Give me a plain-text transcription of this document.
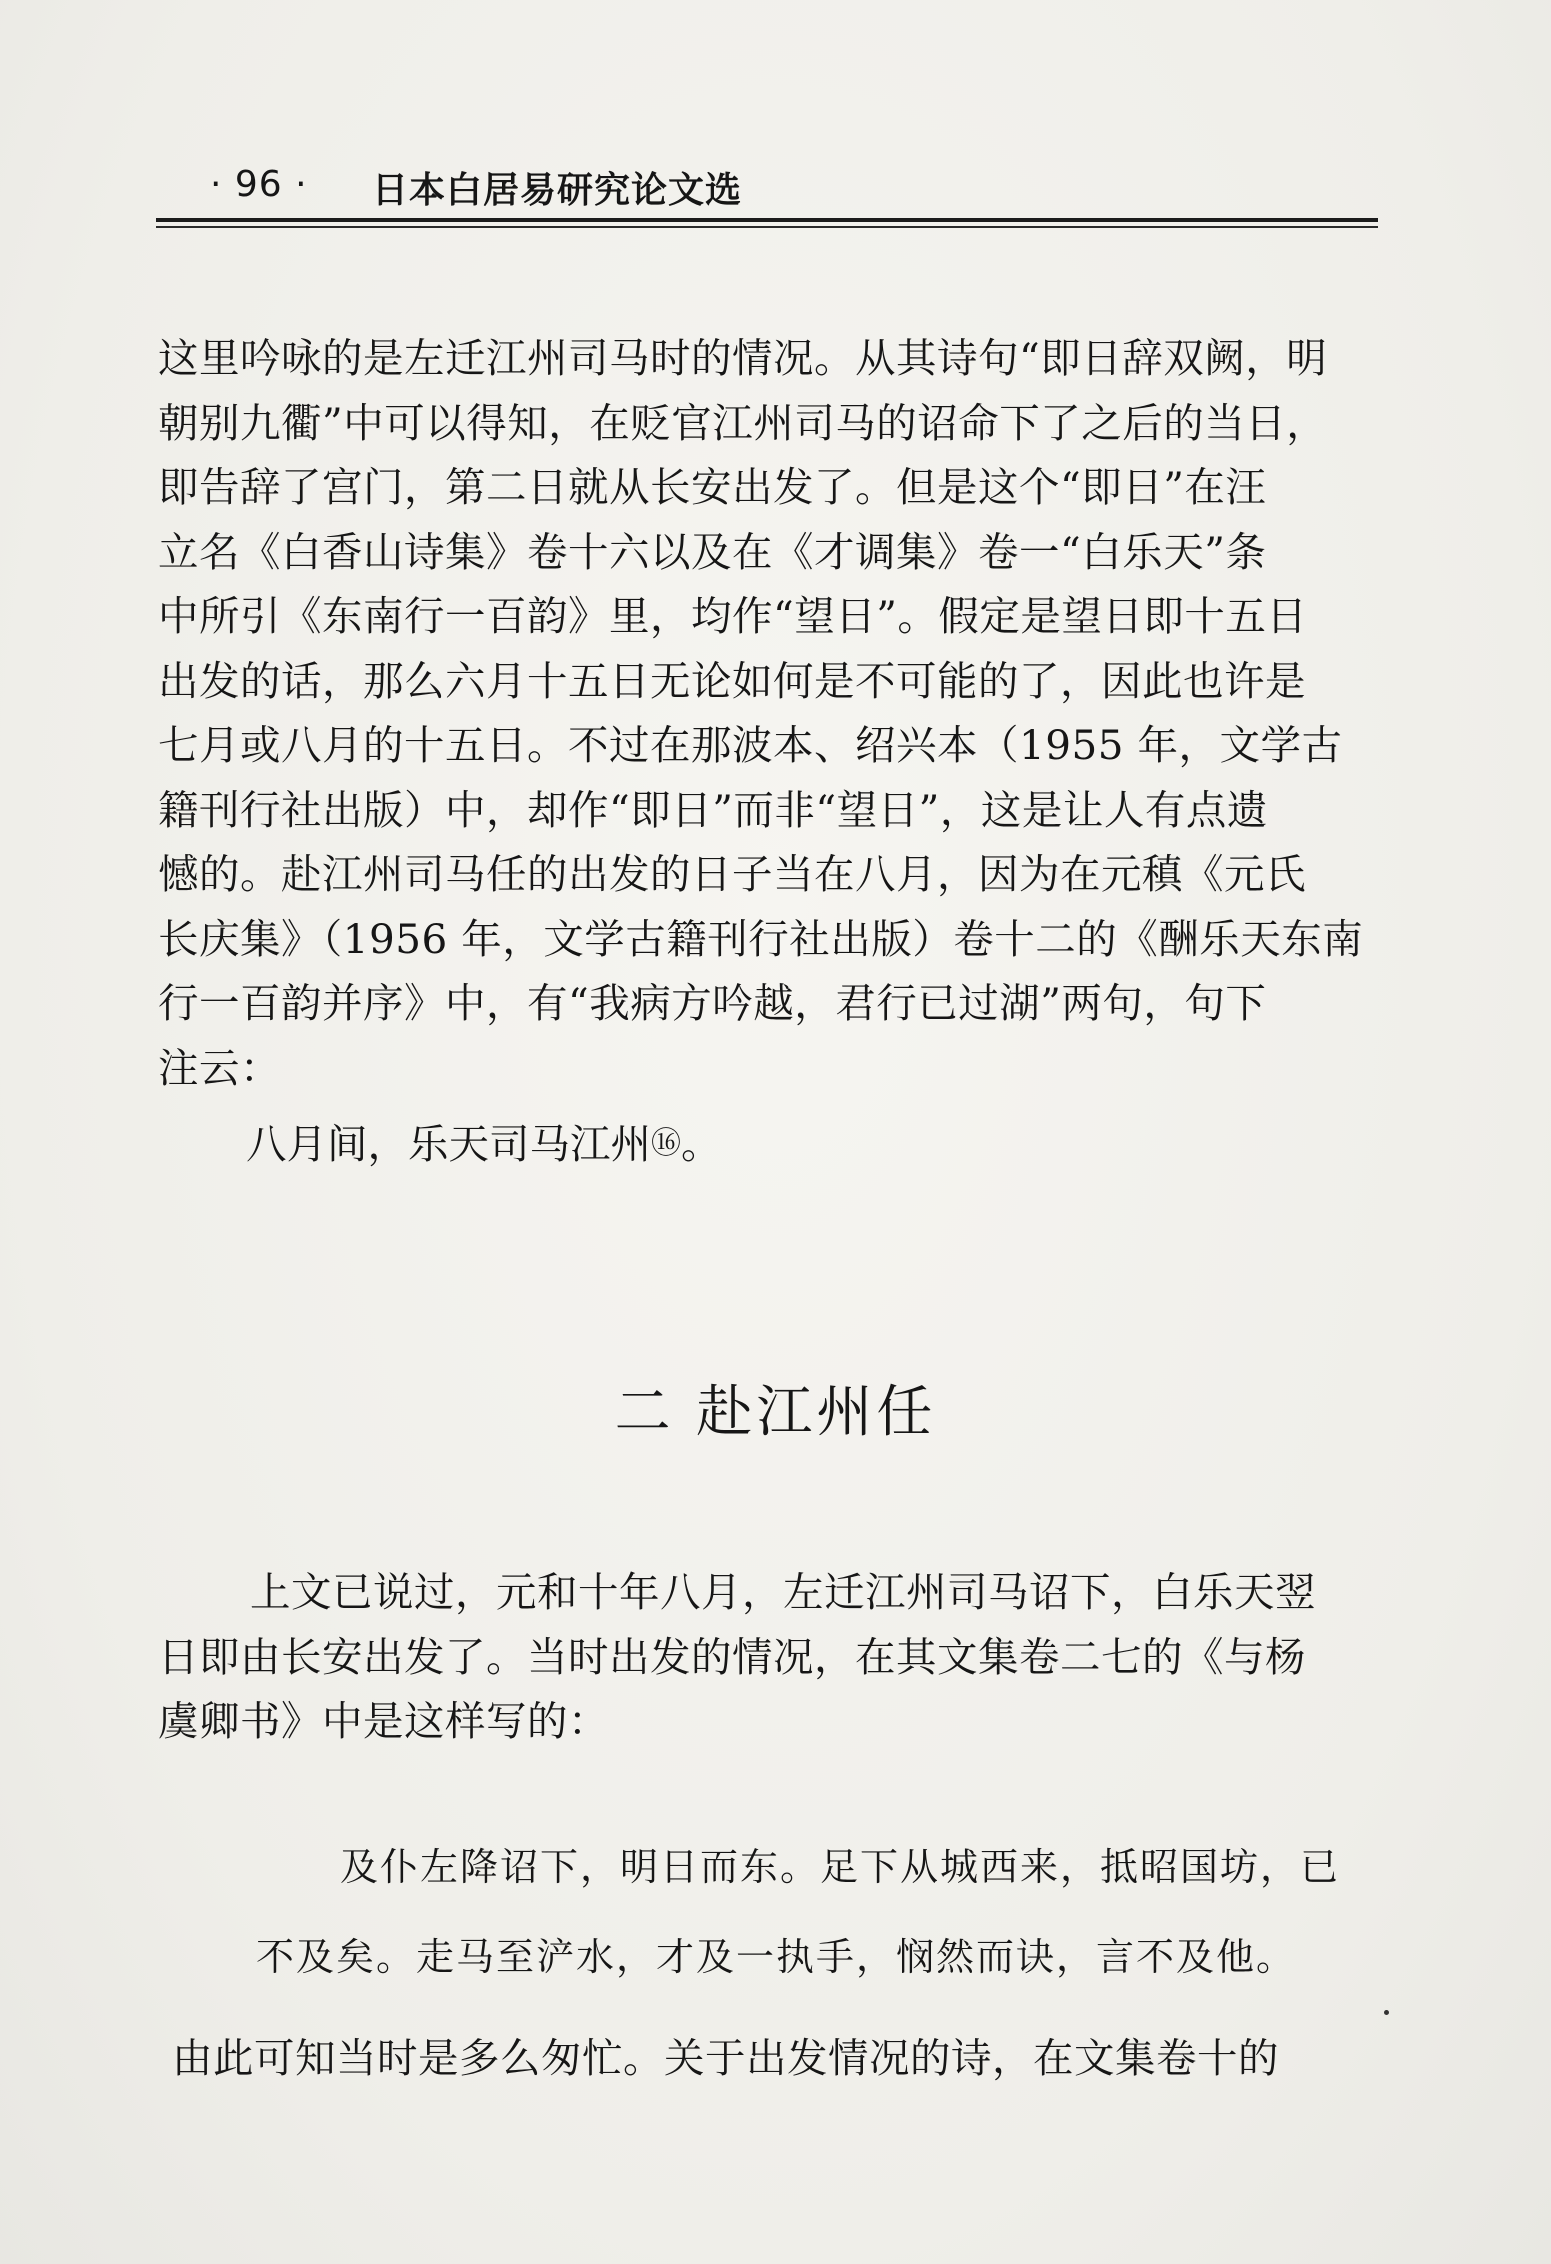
· 96 · 日本白居易研究论文选
这里吟咏的是左迁江州司马时的情况。从其诗句“即日辞双阙，明
朝别九衢”中可以得知，在贬官江州司马的诏命下了之后的当日，
即告辞了宫门，第二日就从长安出发了。但是这个“即日”在汪
立名《白香山诗集》卷十六以及在《才调集》卷一“白乐天”条
中所引《东南行一百韵》里，均作“望日”。假定是望日即十五日
出发的话，那么六月十五日无论如何是不可能的了，因此也许是
七月或八月的十五日。不过在那波本、绍兴本（1955 年，文学古
籍刊行社出版）中，却作“即日”而非“望日”，这是让人有点遗
憾的。赴江州司马任的出发的日子当在八月，因为在元稹《元氏
长庆集》（1956 年，文学古籍刊行社出版）卷十二的《酬乐天东南
行一百韵并序》中，有“我病方吟越，君行已过湖”两句，句下
注云：
八月间，乐天司马江州⑯。
二 赴江州任
上文已说过，元和十年八月，左迁江州司马诏下，白乐天翌
日即由长安出发了。当时出发的情况，在其文集卷二七的《与杨
虞卿书》中是这样写的：
及仆左降诏下，明日而东。足下从城西来，抵昭国坊，已
不及矣。走马至浐水，才及一执手，悯然而诀，言不及他。
由此可知当时是多么匆忙。关于出发情况的诗，在文集卷十的
